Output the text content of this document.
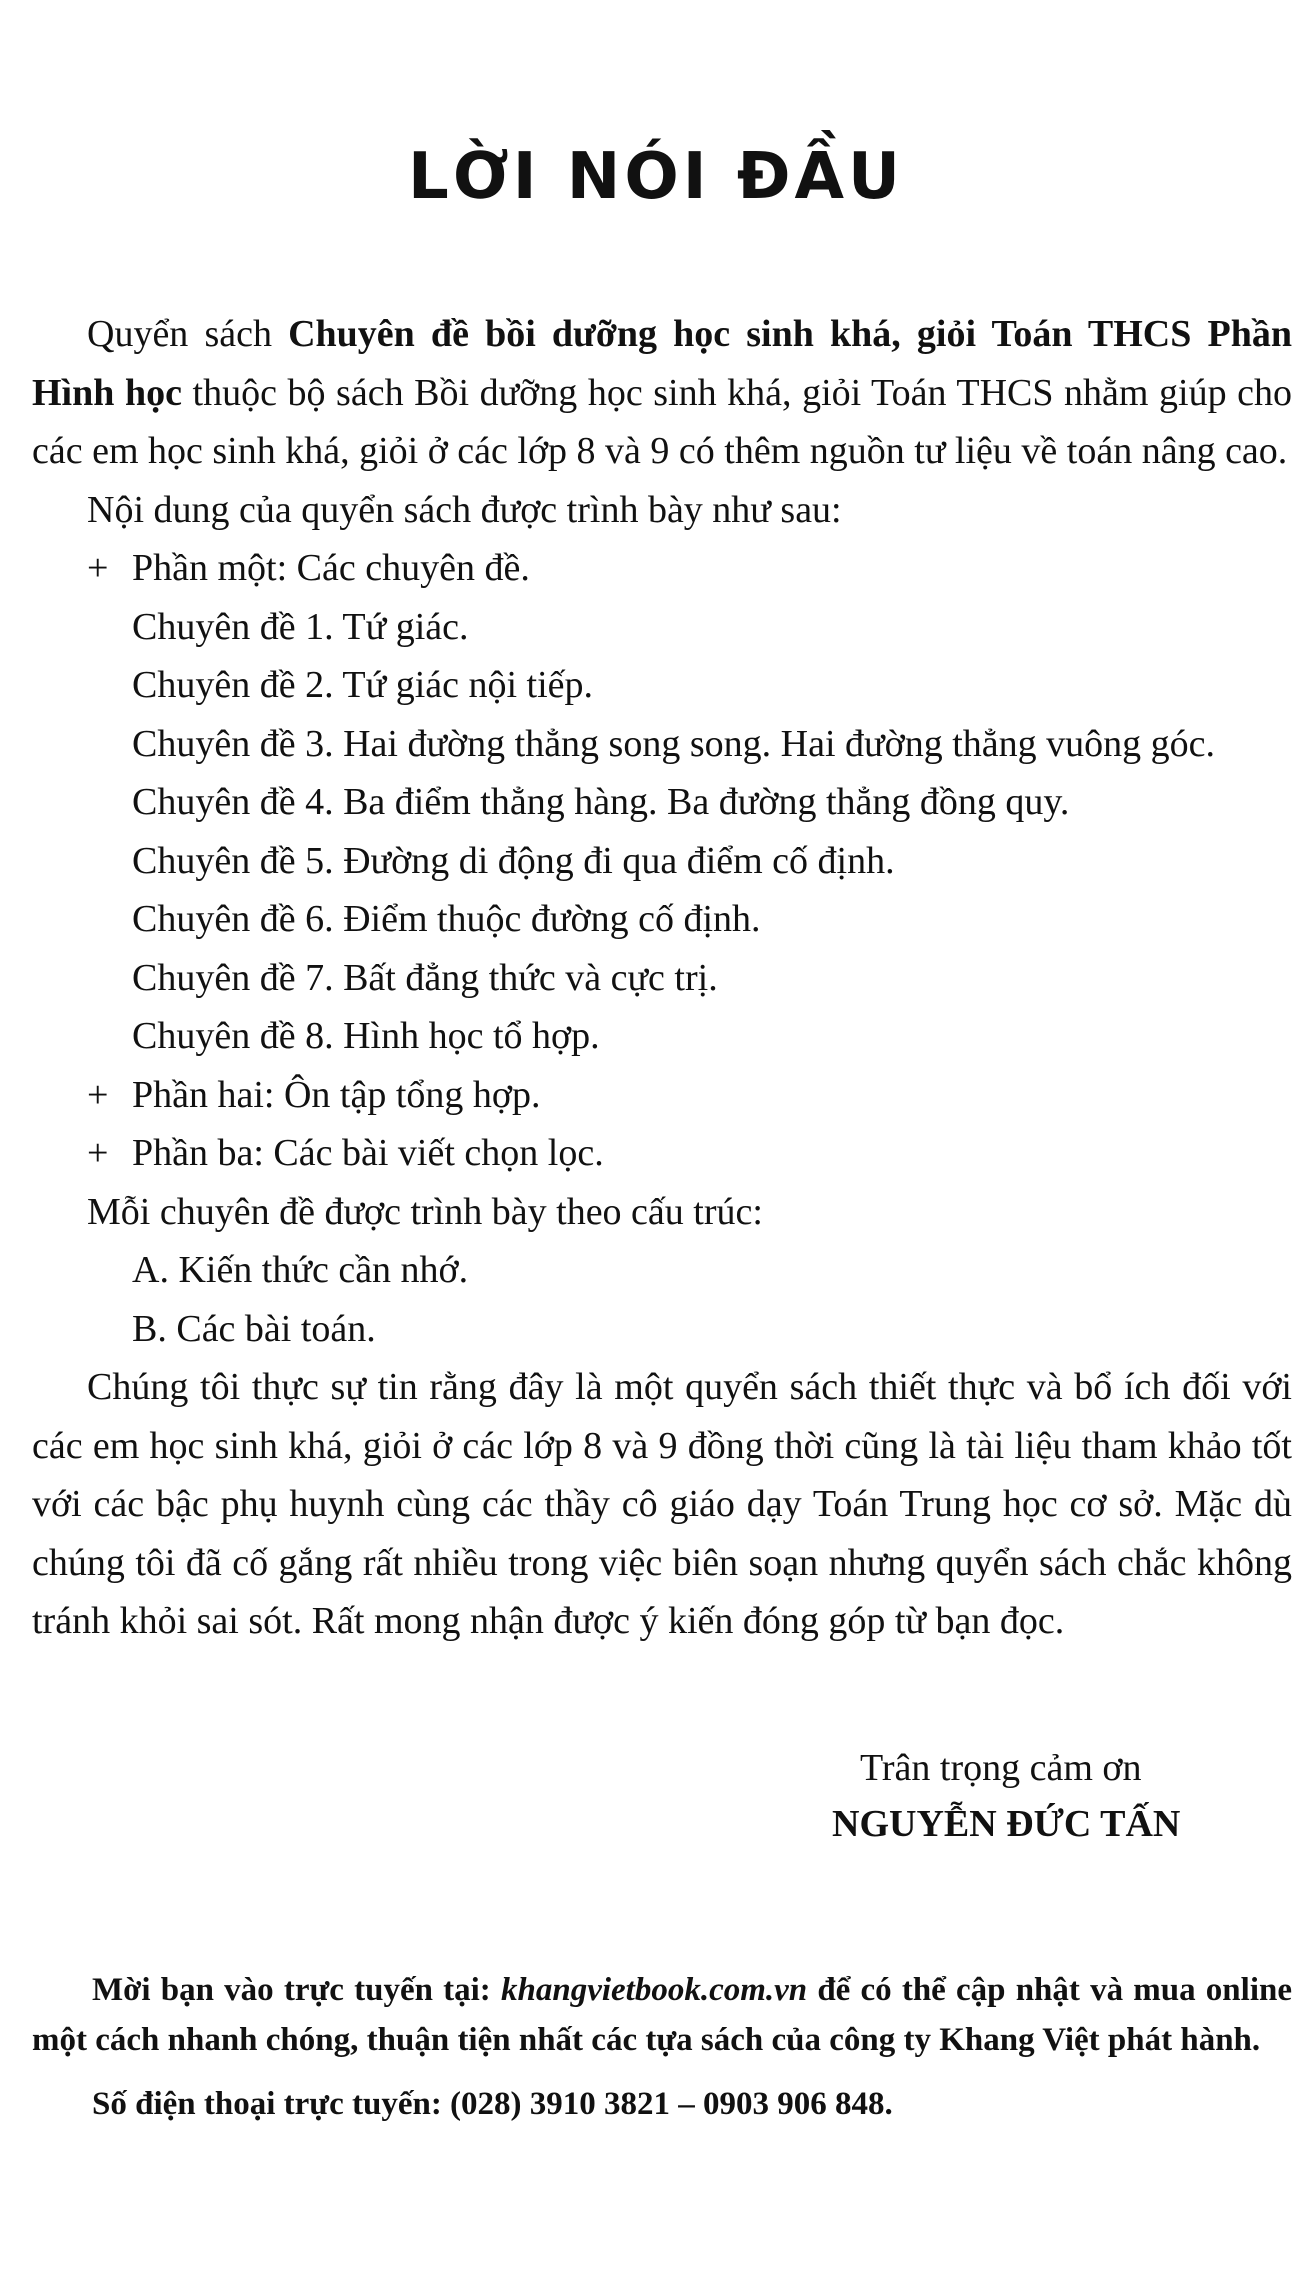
LỜI NÓI ĐẦU

Quyển sách Chuyên đề bồi dưỡng học sinh khá, giỏi Toán THCS Phần Hình học thuộc bộ sách Bồi dưỡng học sinh khá, giỏi Toán THCS nhằm giúp cho các em học sinh khá, giỏi ở các lớp 8 và 9 có thêm nguồn tư liệu về toán nâng cao.

Nội dung của quyển sách được trình bày như sau:

+ Phần một: Các chuyên đề.

Chuyên đề 1. Tứ giác.

Chuyên đề 2. Tứ giác nội tiếp.

Chuyên đề 3. Hai đường thẳng song song. Hai đường thẳng vuông góc.

Chuyên đề 4. Ba điểm thẳng hàng. Ba đường thẳng đồng quy.

Chuyên đề 5. Đường di động đi qua điểm cố định.

Chuyên đề 6. Điểm thuộc đường cố định.

Chuyên đề 7. Bất đẳng thức và cực trị.

Chuyên đề 8. Hình học tổ hợp.

+ Phần hai: Ôn tập tổng hợp.

+ Phần ba: Các bài viết chọn lọc.

Mỗi chuyên đề được trình bày theo cấu trúc:

A. Kiến thức cần nhớ.

B. Các bài toán.

Chúng tôi thực sự tin rằng đây là một quyển sách thiết thực và bổ ích đối với các em học sinh khá, giỏi ở các lớp 8 và 9 đồng thời cũng là tài liệu tham khảo tốt với các bậc phụ huynh cùng các thầy cô giáo dạy Toán Trung học cơ sở. Mặc dù chúng tôi đã cố gắng rất nhiều trong việc biên soạn nhưng quyển sách chắc không tránh khỏi sai sót. Rất mong nhận được ý kiến đóng góp từ bạn đọc.

Trân trọng cảm ơn
NGUYỄN ĐỨC TẤN

Mời bạn vào trực tuyến tại: khangvietbook.com.vn để có thể cập nhật và mua online một cách nhanh chóng, thuận tiện nhất các tựa sách của công ty Khang Việt phát hành.

Số điện thoại trực tuyến: (028) 3910 3821 – 0903 906 848.
